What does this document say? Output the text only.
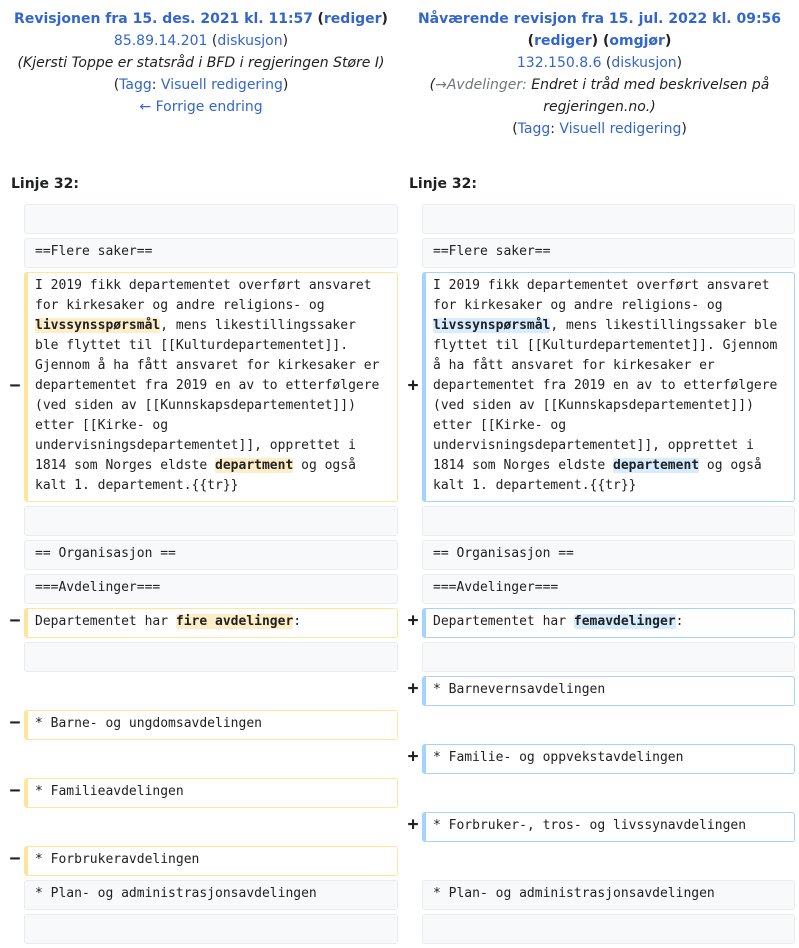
Revisjonen fra 15. des. 2021 kl. 11:57 (rediger)
85.89.14.201 (diskusjon)
(Kjersti Toppe er statsråd i BFD i regjeringen Støre I)
(Tagg: Visuell redigering)
← Forrige endring
Nåværende revisjon fra 15. jul. 2022 kl. 09:56
(rediger) (omgjør)
132.150.8.6 (diskusjon)
(→Avdelinger: Endret i tråd med beskrivelsen på regjeringen.no.)
(Tagg: Visuell redigering)
Linje 32:	Linje 32:
==Flere saker==	==Flere saker==
−
I 2019 fikk departementet overført ansvaret for kirkesaker og andre religions- og livssynsspørsmål, mens likestillingssaker ble flyttet til [[Kulturdepartementet]]. Gjennom å ha fått ansvaret for kirkesaker er departementet fra 2019 en av to etterfølgere (ved siden av [[Kunnskapsdepartementet]]) etter [[Kirke- og undervisningsdepartementet]], opprettet i 1814 som Norges eldste department og også kalt 1. departement.{{tr}}
+
I 2019 fikk departementet overført ansvaret for kirkesaker og andre religions- og livssynspørsmål, mens likestillingssaker ble flyttet til [[Kulturdepartementet]]. Gjennom å ha fått ansvaret for kirkesaker er departementet fra 2019 en av to etterfølgere (ved siden av [[Kunnskapsdepartementet]]) etter [[Kirke- og undervisningsdepartementet]], opprettet i 1814 som Norges eldste departement og også kalt 1. departement.{{tr}}
== Organisasjon ==	== Organisasjon ==
===Avdelinger===	===Avdelinger===
−	Departementet har fire avdelinger:	+	Departementet har femavdelinger:
+	* Barnevernsavdelingen
−	* Barne- og ungdomsavdelingen
+	* Familie- og oppvekstavdelingen
−	* Familieavdelingen
+	* Forbruker-, tros- og livssynavdelingen
−	* Forbrukeravdelingen
* Plan- og administrasjonsavdelingen	* Plan- og administrasjonsavdelingen
